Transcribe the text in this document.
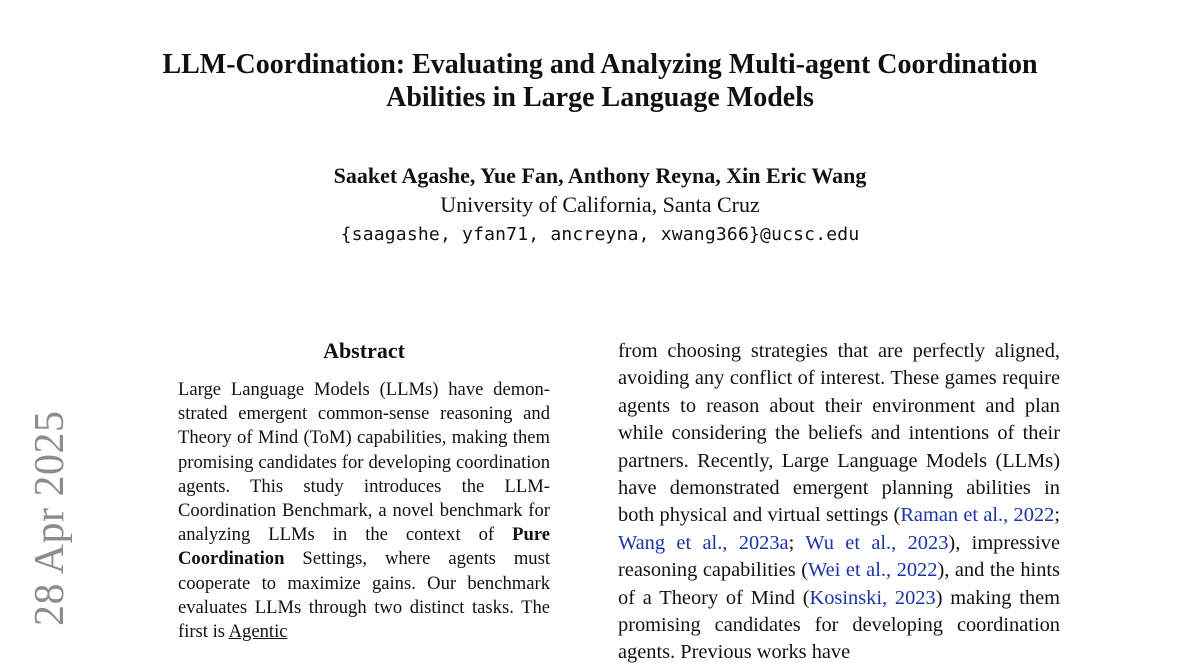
LLM-Coordination: Evaluating and Analyzing Multi-agent Coordination
Abilities in Large Language Models
Saaket Agashe, Yue Fan, Anthony Reyna, Xin Eric Wang
University of California, Santa Cruz
{saagashe, yfan71, ancreyna, xwang366}@ucsc.edu
28 Apr 2025
Abstract

Large Language Models (LLMs) have demonstrated emergent common-sense reasoning and Theory of Mind (ToM) capabilities, making them promising candidates for developing coordination agents. This study introduces the LLM-Coordination Benchmark, a novel benchmark for analyzing LLMs in the context of Pure Coordination Settings, where agents must cooperate to maximize gains. Our benchmark evaluates LLMs through two distinct tasks. The first is Agentic

from choosing strategies that are perfectly aligned, avoiding any conflict of interest. These games require agents to reason about their environment and plan while considering the beliefs and intentions of their partners. Recently, Large Language Models (LLMs) have demonstrated emergent planning abilities in both physical and virtual settings (Raman et al., 2022; Wang et al., 2023a; Wu et al., 2023), impressive reasoning capabilities (Wei et al., 2022), and the hints of a Theory of Mind (Kosinski, 2023) making them promising candidates for developing coordination agents. Previous works have
